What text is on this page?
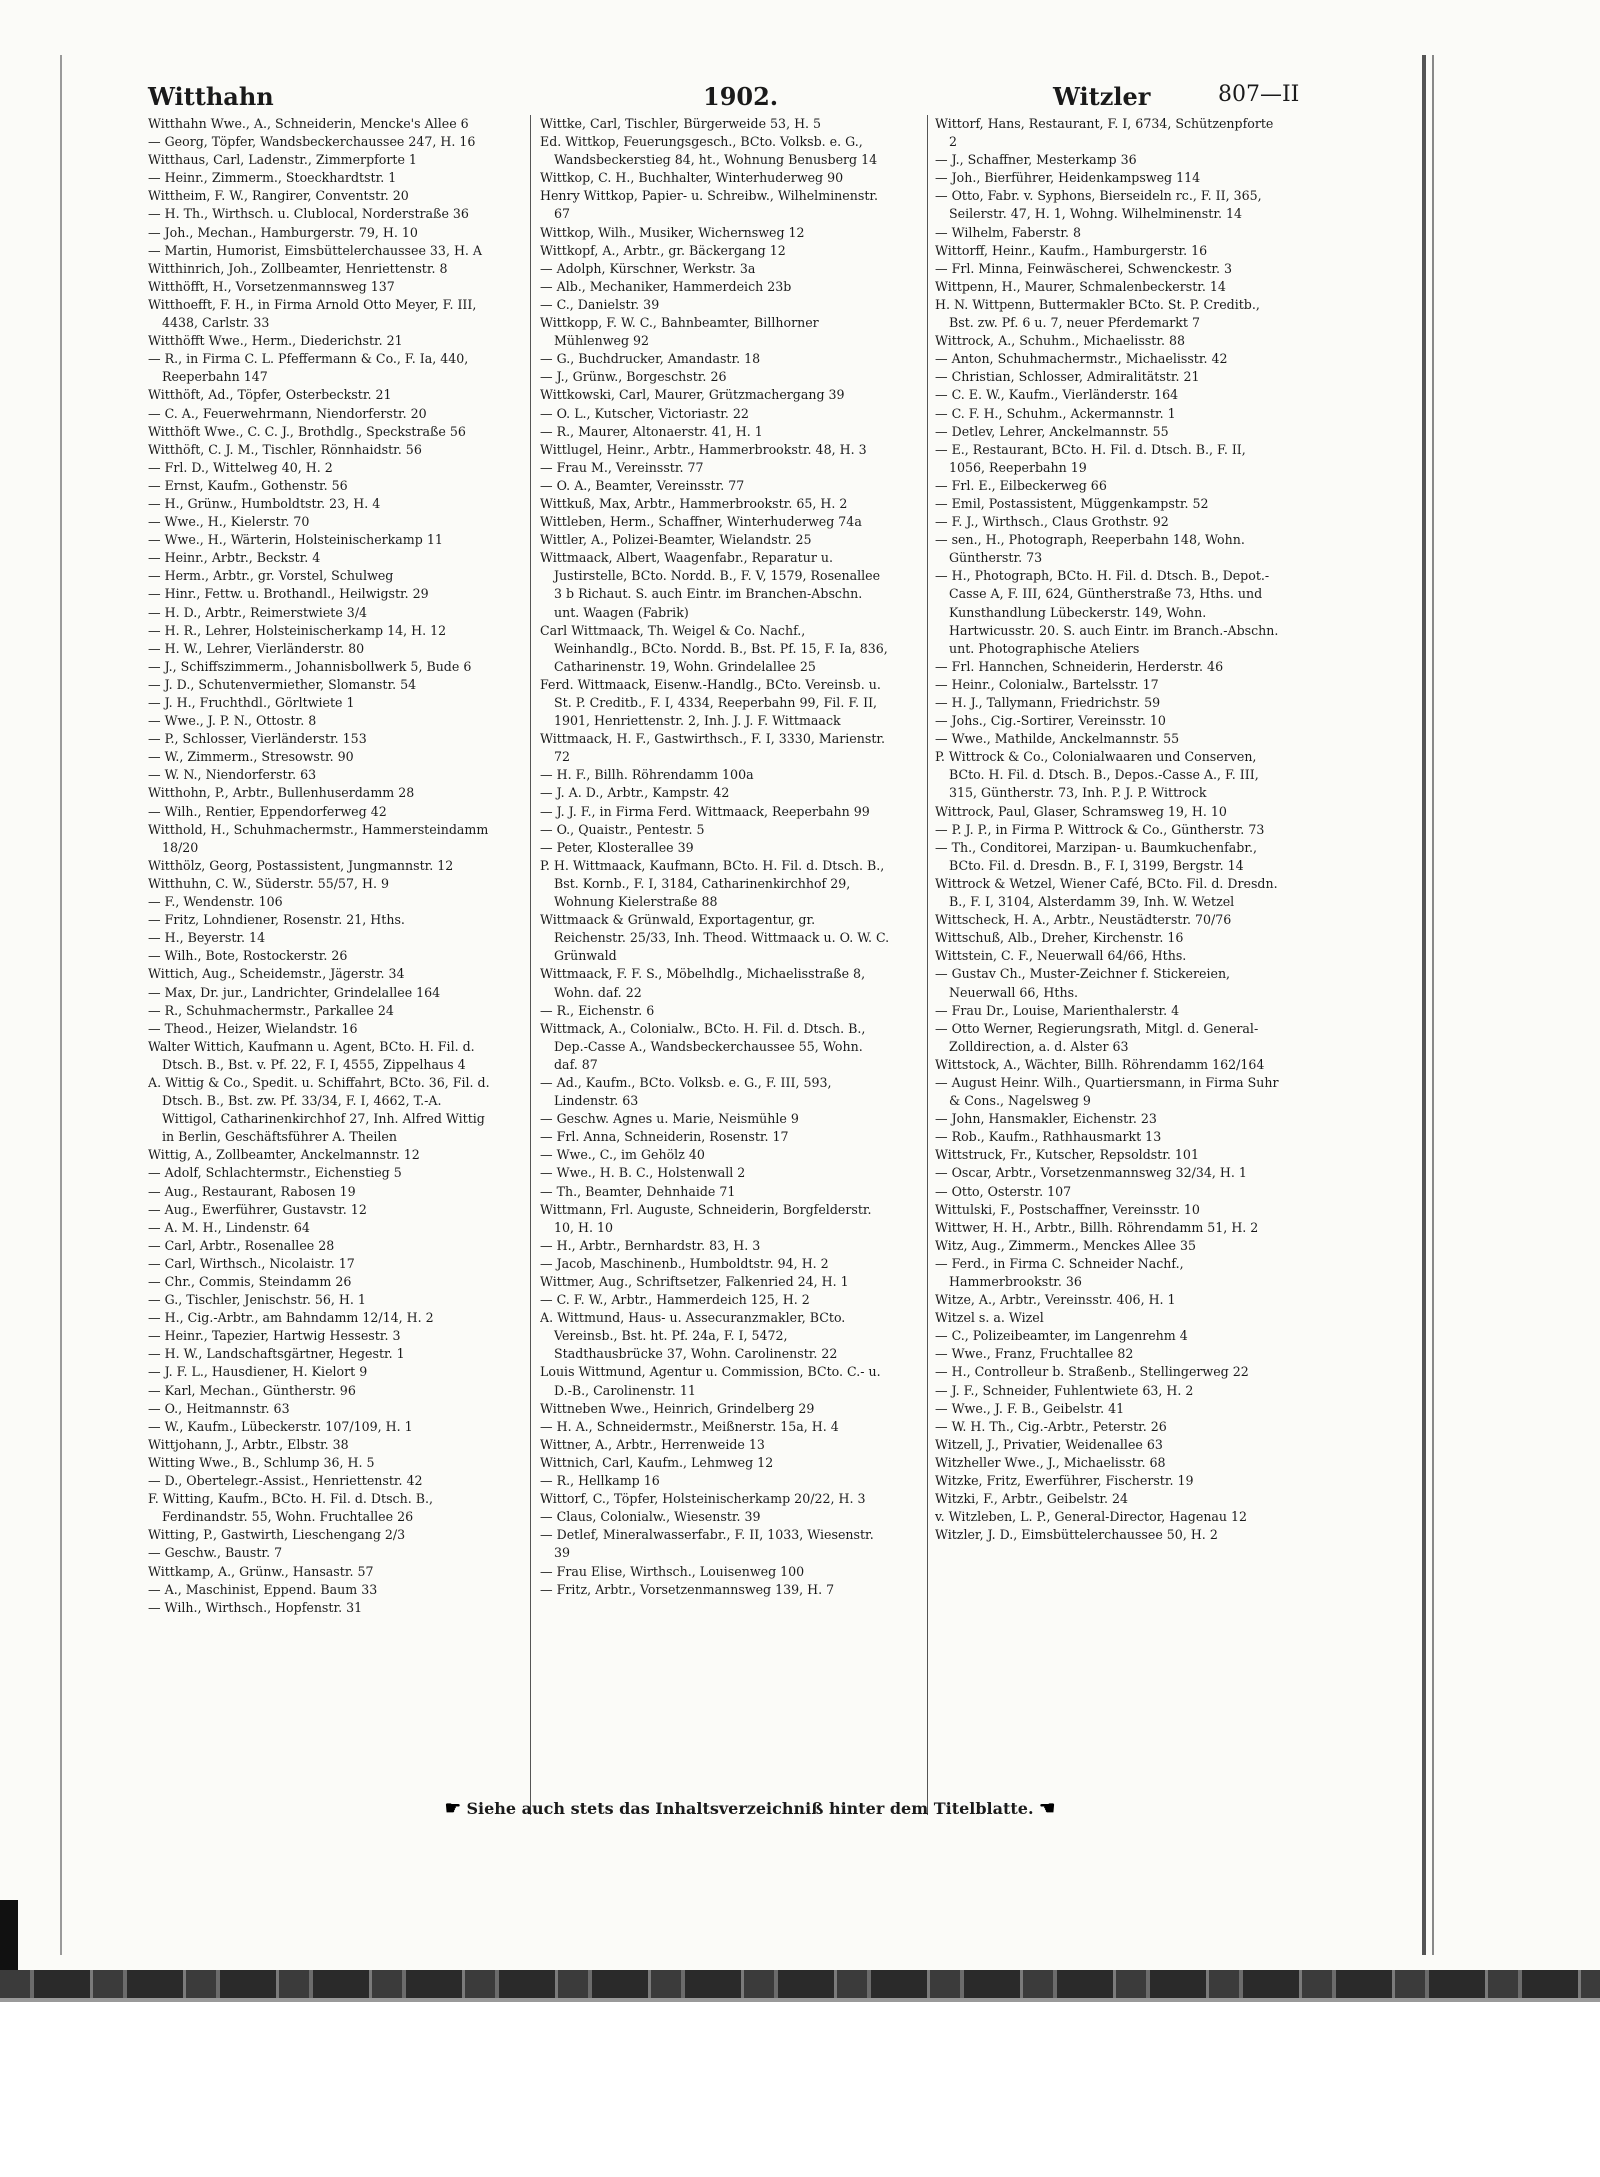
Witthahn	1902.	Witzler	807—II

Witthahn Wwe., A., Schneiderin, Mencke's Allee 6

— Georg, Töpfer, Wandsbeckerchaussee 247, H. 16

Witthaus, Carl, Ladenstr., Zimmerpforte 1

— Heinr., Zimmerm., Stoeckhardtstr. 1

Wittheim, F. W., Rangirer, Conventstr. 20

— H. Th., Wirthsch. u. Clublocal, Norderstraße 36

— Joh., Mechan., Hamburgerstr. 79, H. 10

— Martin, Humorist, Eimsbüttelerchaussee 33, H. A

Witthinrich, Joh., Zollbeamter, Henriettenstr. 8

Witthöfft, H., Vorsetzenmannsweg 137

Witthoefft, F. H., in Firma Arnold Otto Meyer, F. III, 4438, Carlstr. 33

Witthöfft Wwe., Herm., Diederichstr. 21

— R., in Firma C. L. Pfeffermann & Co., F. Ia, 440, Reeperbahn 147

Witthöft, Ad., Töpfer, Osterbeckstr. 21

— C. A., Feuerwehrmann, Niendorferstr. 20

Witthöft Wwe., C. C. J., Brothdlg., Speckstraße 56

Witthöft, C. J. M., Tischler, Rönnhaidstr. 56

— Frl. D., Wittelweg 40, H. 2

— Ernst, Kaufm., Gothenstr. 56

— H., Grünw., Humboldtstr. 23, H. 4

— Wwe., H., Kielerstr. 70

— Wwe., H., Wärterin, Holsteinischerkamp 11

— Heinr., Arbtr., Beckstr. 4

— Herm., Arbtr., gr. Vorstel, Schulweg

— Hinr., Fettw. u. Brothandl., Heilwigstr. 29

— H. D., Arbtr., Reimerstwiete 3/4

— H. R., Lehrer, Holsteinischerkamp 14, H. 12

— H. W., Lehrer, Vierländerstr. 80

— J., Schiffszimmerm., Johannisbollwerk 5, Bude 6

— J. D., Schutenvermiether, Slomanstr. 54

— J. H., Fruchthdl., Görltwiete 1

— Wwe., J. P. N., Ottostr. 8

— P., Schlosser, Vierländerstr. 153

— W., Zimmerm., Stresowstr. 90

— W. N., Niendorferstr. 63

Witthohn, P., Arbtr., Bullenhuserdamm 28

— Wilh., Rentier, Eppendorferweg 42

Witthold, H., Schuhmachermstr., Hammersteindamm 18/20

Witthölz, Georg, Postassistent, Jungmannstr. 12

Witthuhn, C. W., Süderstr. 55/57, H. 9

— F., Wendenstr. 106

— Fritz, Lohndiener, Rosenstr. 21, Hths.

— H., Beyerstr. 14

— Wilh., Bote, Rostockerstr. 26

Wittich, Aug., Scheidemstr., Jägerstr. 34

— Max, Dr. jur., Landrichter, Grindelallee 164

— R., Schuhmachermstr., Parkallee 24

— Theod., Heizer, Wielandstr. 16

Walter Wittich, Kaufmann u. Agent, BCto. H. Fil. d. Dtsch. B., Bst. v. Pf. 22, F. I, 4555, Zippelhaus 4

A. Wittig & Co., Spedit. u. Schiffahrt, BCto. 36, Fil. d. Dtsch. B., Bst. zw. Pf. 33/34, F. I, 4662, T.-A. Wittigol, Catharinenkirchhof 27, Inh. Alfred Wittig in Berlin, Geschäftsführer A. Theilen

Wittig, A., Zollbeamter, Anckelmannstr. 12

— Adolf, Schlachtermstr., Eichenstieg 5

— Aug., Restaurant, Rabosen 19

— Aug., Ewerführer, Gustavstr. 12

— A. M. H., Lindenstr. 64

— Carl, Arbtr., Rosenallee 28

— Carl, Wirthsch., Nicolaistr. 17

— Chr., Commis, Steindamm 26

— G., Tischler, Jenischstr. 56, H. 1

— H., Cig.-Arbtr., am Bahndamm 12/14, H. 2

— Heinr., Tapezier, Hartwig Hessestr. 3

— H. W., Landschaftsgärtner, Hegestr. 1

— J. F. L., Hausdiener, H. Kielort 9

— Karl, Mechan., Güntherstr. 96

— O., Heitmannstr. 63

— W., Kaufm., Lübeckerstr. 107/109, H. 1

Wittjohann, J., Arbtr., Elbstr. 38

Witting Wwe., B., Schlump 36, H. 5

— D., Obertelegr.-Assist., Henriettenstr. 42

F. Witting, Kaufm., BCto. H. Fil. d. Dtsch. B., Ferdinandstr. 55, Wohn. Fruchtallee 26

Witting, P., Gastwirth, Lieschengang 2/3

— Geschw., Baustr. 7

Wittkamp, A., Grünw., Hansastr. 57

— A., Maschinist, Eppend. Baum 33

— Wilh., Wirthsch., Hopfenstr. 31

Wittke, Carl, Tischler, Bürgerweide 53, H. 5

Ed. Wittkop, Feuerungsgesch., BCto. Volksb. e. G., Wandsbeckerstieg 84, ht., Wohnung Benusberg 14

Wittkop, C. H., Buchhalter, Winterhuderweg 90

Henry Wittkop, Papier- u. Schreibw., Wilhelminenstr. 67

Wittkop, Wilh., Musiker, Wichernsweg 12

Wittkopf, A., Arbtr., gr. Bäckergang 12

— Adolph, Kürschner, Werkstr. 3a

— Alb., Mechaniker, Hammerdeich 23b

— C., Danielstr. 39

Wittkopp, F. W. C., Bahnbeamter, Billhorner Mühlenweg 92

— G., Buchdrucker, Amandastr. 18

— J., Grünw., Borgeschstr. 26

Wittkowski, Carl, Maurer, Grützmachergang 39

— O. L., Kutscher, Victoriastr. 22

— R., Maurer, Altonaerstr. 41, H. 1

Wittlugel, Heinr., Arbtr., Hammerbrookstr. 48, H. 3

— Frau M., Vereinsstr. 77

— O. A., Beamter, Vereinsstr. 77

Wittkuß, Max, Arbtr., Hammerbrookstr. 65, H. 2

Wittleben, Herm., Schaffner, Winterhuderweg 74a

Wittler, A., Polizei-Beamter, Wielandstr. 25

Wittmaack, Albert, Waagenfabr., Reparatur u. Justirstelle, BCto. Nordd. B., F. V, 1579, Rosenallee 3 b Richaut. S. auch Eintr. im Branchen-Abschn. unt. Waagen (Fabrik)

Carl Wittmaack, Th. Weigel & Co. Nachf., Weinhandlg., BCto. Nordd. B., Bst. Pf. 15, F. Ia, 836, Catharinenstr. 19, Wohn. Grindelallee 25

Ferd. Wittmaack, Eisenw.-Handlg., BCto. Vereinsb. u. St. P. Creditb., F. I, 4334, Reeperbahn 99, Fil. F. II, 1901, Henriettenstr. 2, Inh. J. J. F. Wittmaack

Wittmaack, H. F., Gastwirthsch., F. I, 3330, Marienstr. 72

— H. F., Billh. Röhrendamm 100a

— J. A. D., Arbtr., Kampstr. 42

— J. J. F., in Firma Ferd. Wittmaack, Reeperbahn 99

— O., Quaistr., Pentestr. 5

— Peter, Klosterallee 39

P. H. Wittmaack, Kaufmann, BCto. H. Fil. d. Dtsch. B., Bst. Kornb., F. I, 3184, Catharinenkirchhof 29, Wohnung Kielerstraße 88

Wittmaack & Grünwald, Exportagentur, gr. Reichenstr. 25/33, Inh. Theod. Wittmaack u. O. W. C. Grünwald

Wittmaack, F. F. S., Möbelhdlg., Michaelisstraße 8, Wohn. daf. 22

— R., Eichenstr. 6

Wittmack, A., Colonialw., BCto. H. Fil. d. Dtsch. B., Dep.-Casse A., Wandsbeckerchaussee 55, Wohn. daf. 87

— Ad., Kaufm., BCto. Volksb. e. G., F. III, 593, Lindenstr. 63

— Geschw. Agnes u. Marie, Neismühle 9

— Frl. Anna, Schneiderin, Rosenstr. 17

— Wwe., C., im Gehölz 40

— Wwe., H. B. C., Holstenwall 2

— Th., Beamter, Dehnhaide 71

Wittmann, Frl. Auguste, Schneiderin, Borgfelderstr. 10, H. 10

— H., Arbtr., Bernhardstr. 83, H. 3

— Jacob, Maschinenb., Humboldtstr. 94, H. 2

Wittmer, Aug., Schriftsetzer, Falkenried 24, H. 1

— C. F. W., Arbtr., Hammerdeich 125, H. 2

A. Wittmund, Haus- u. Assecuranzmakler, BCto. Vereinsb., Bst. ht. Pf. 24a, F. I, 5472, Stadthausbrücke 37, Wohn. Carolinenstr. 22

Louis Wittmund, Agentur u. Commission, BCto. C.- u. D.-B., Carolinenstr. 11

Wittneben Wwe., Heinrich, Grindelberg 29

— H. A., Schneidermstr., Meißnerstr. 15a, H. 4

Wittner, A., Arbtr., Herrenweide 13

Wittnich, Carl, Kaufm., Lehmweg 12

— R., Hellkamp 16

Wittorf, C., Töpfer, Holsteinischerkamp 20/22, H. 3

— Claus, Colonialw., Wiesenstr. 39

— Detlef, Mineralwasserfabr., F. II, 1033, Wiesenstr. 39

— Frau Elise, Wirthsch., Louisenweg 100

— Fritz, Arbtr., Vorsetzenmannsweg 139, H. 7

Wittorf, Hans, Restaurant, F. I, 6734, Schützenpforte 2

— J., Schaffner, Mesterkamp 36

— Joh., Bierführer, Heidenkampsweg 114

— Otto, Fabr. v. Syphons, Bierseideln rc., F. II, 365, Seilerstr. 47, H. 1, Wohng. Wilhelminenstr. 14

— Wilhelm, Faberstr. 8

Wittorff, Heinr., Kaufm., Hamburgerstr. 16

— Frl. Minna, Feinwäscherei, Schwenckestr. 3

Wittpenn, H., Maurer, Schmalenbeckerstr. 14

H. N. Wittpenn, Buttermakler BCto. St. P. Creditb., Bst. zw. Pf. 6 u. 7, neuer Pferdemarkt 7

Wittrock, A., Schuhm., Michaelisstr. 88

— Anton, Schuhmachermstr., Michaelisstr. 42

— Christian, Schlosser, Admiralitätstr. 21

— C. E. W., Kaufm., Vierländerstr. 164

— C. F. H., Schuhm., Ackermannstr. 1

— Detlev, Lehrer, Anckelmannstr. 55

— E., Restaurant, BCto. H. Fil. d. Dtsch. B., F. II, 1056, Reeperbahn 19

— Frl. E., Eilbeckerweg 66

— Emil, Postassistent, Müggenkampstr. 52

— F. J., Wirthsch., Claus Grothstr. 92

— sen., H., Photograph, Reeperbahn 148, Wohn. Güntherstr. 73

— H., Photograph, BCto. H. Fil. d. Dtsch. B., Depot.-Casse A, F. III, 624, Güntherstraße 73, Hths. und Kunsthandlung Lübeckerstr. 149, Wohn. Hartwicusstr. 20. S. auch Eintr. im Branch.-Abschn. unt. Photographische Ateliers

— Frl. Hannchen, Schneiderin, Herderstr. 46

— Heinr., Colonialw., Bartelsstr. 17

— H. J., Tallymann, Friedrichstr. 59

— Johs., Cig.-Sortirer, Vereinsstr. 10

— Wwe., Mathilde, Anckelmannstr. 55

P. Wittrock & Co., Colonialwaaren und Conserven, BCto. H. Fil. d. Dtsch. B., Depos.-Casse A., F. III, 315, Güntherstr. 73, Inh. P. J. P. Wittrock

Wittrock, Paul, Glaser, Schramsweg 19, H. 10

— P. J. P., in Firma P. Wittrock & Co., Güntherstr. 73

— Th., Conditorei, Marzipan- u. Baumkuchenfabr., BCto. Fil. d. Dresdn. B., F. I, 3199, Bergstr. 14

Wittrock & Wetzel, Wiener Café, BCto. Fil. d. Dresdn. B., F. I, 3104, Alsterdamm 39, Inh. W. Wetzel

Wittscheck, H. A., Arbtr., Neustädterstr. 70/76

Wittschuß, Alb., Dreher, Kirchenstr. 16

Wittstein, C. F., Neuerwall 64/66, Hths.

— Gustav Ch., Muster-Zeichner f. Stickereien, Neuerwall 66, Hths.

— Frau Dr., Louise, Marienthalerstr. 4

— Otto Werner, Regierungsrath, Mitgl. d. General-Zolldirection, a. d. Alster 63

Wittstock, A., Wächter, Billh. Röhrendamm 162/164

— August Heinr. Wilh., Quartiersmann, in Firma Suhr & Cons., Nagelsweg 9

— John, Hansmakler, Eichenstr. 23

— Rob., Kaufm., Rathhausmarkt 13

Wittstruck, Fr., Kutscher, Repsoldstr. 101

— Oscar, Arbtr., Vorsetzenmannsweg 32/34, H. 1

— Otto, Osterstr. 107

Wittulski, F., Postschaffner, Vereinsstr. 10

Wittwer, H. H., Arbtr., Billh. Röhrendamm 51, H. 2

Witz, Aug., Zimmerm., Menckes Allee 35

— Ferd., in Firma C. Schneider Nachf., Hammerbrookstr. 36

Witze, A., Arbtr., Vereinsstr. 406, H. 1

Witzel s. a. Wizel

— C., Polizeibeamter, im Langenrehm 4

— Wwe., Franz, Fruchtallee 82

— H., Controlleur b. Straßenb., Stellingerweg 22

— J. F., Schneider, Fuhlentwiete 63, H. 2

— Wwe., J. F. B., Geibelstr. 41

— W. H. Th., Cig.-Arbtr., Peterstr. 26

Witzell, J., Privatier, Weidenallee 63

Witzheller Wwe., J., Michaelisstr. 68

Witzke, Fritz, Ewerführer, Fischerstr. 19

Witzki, F., Arbtr., Geibelstr. 24

v. Witzleben, L. P., General-Director, Hagenau 12

Witzler, J. D., Eimsbüttelerchaussee 50, H. 2

☛ Siehe auch stets das Inhaltsverzeichniß hinter dem Titelblatte. ☚
